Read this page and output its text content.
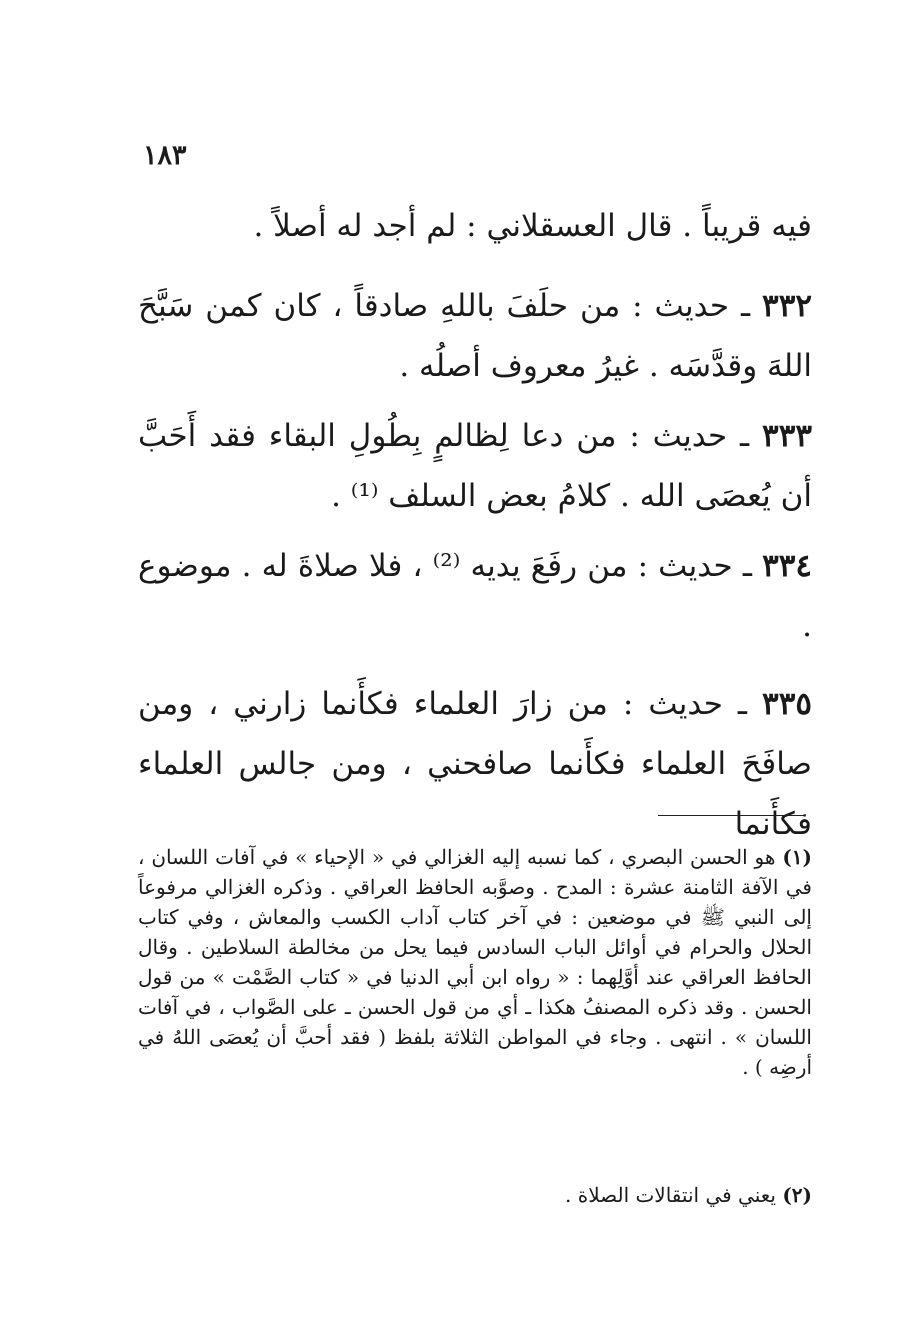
١٨٣

فيه قريباً . قال العسقلاني : لم أجد له أصلاً .

٣٣٢ ـ حديث : من حلَفَ باللهِ صادقاً ، كان كمن سَبَّحَ اللهَ وقدَّسَه . غيرُ معروف أصلُه .

٣٣٣ ـ حديث : من دعا لِظالمٍ بِطُولِ البقاء فقد أَحَبَّ أن يُعصَى الله . كلامُ بعض السلف ⁽¹⁾ .

٣٣٤ ـ حديث : من رفَعَ يديه ⁽²⁾ ، فلا صلاةَ له . موضوع .

٣٣٥ ـ حديث : من زارَ العلماء فكأَنما زارني ، ومن صافَحَ العلماء فكأَنما صافحني ، ومن جالس العلماء فكأَنما

(١) هو الحسن البصري ، كما نسبه إليه الغزالي في « الإحياء » في آفات اللسان ، في الآفة الثامنة عشرة : المدح . وصوَّبه الحافظ العراقي . وذكره الغزالي مرفوعاً إلى النبي ﷺ في موضعين : في آخر كتاب آداب الكسب والمعاش ، وفي كتاب الحلال والحرام في أوائل الباب السادس فيما يحل من مخالطة السلاطين . وقال الحافظ العراقي عند أوَّلِهما : « رواه ابن أبي الدنيا في « كتاب الصَّمْت » من قول الحسن . وقد ذكره المصنفُ هكذا ـ أي من قول الحسن ـ على الصَّواب ، في آفات اللسان » . انتهى . وجاء في المواطن الثلاثة بلفظ ( فقد أحبَّ أن يُعصَى اللهُ في أرضِه ) .

(٢) يعني في انتقالات الصلاة .
